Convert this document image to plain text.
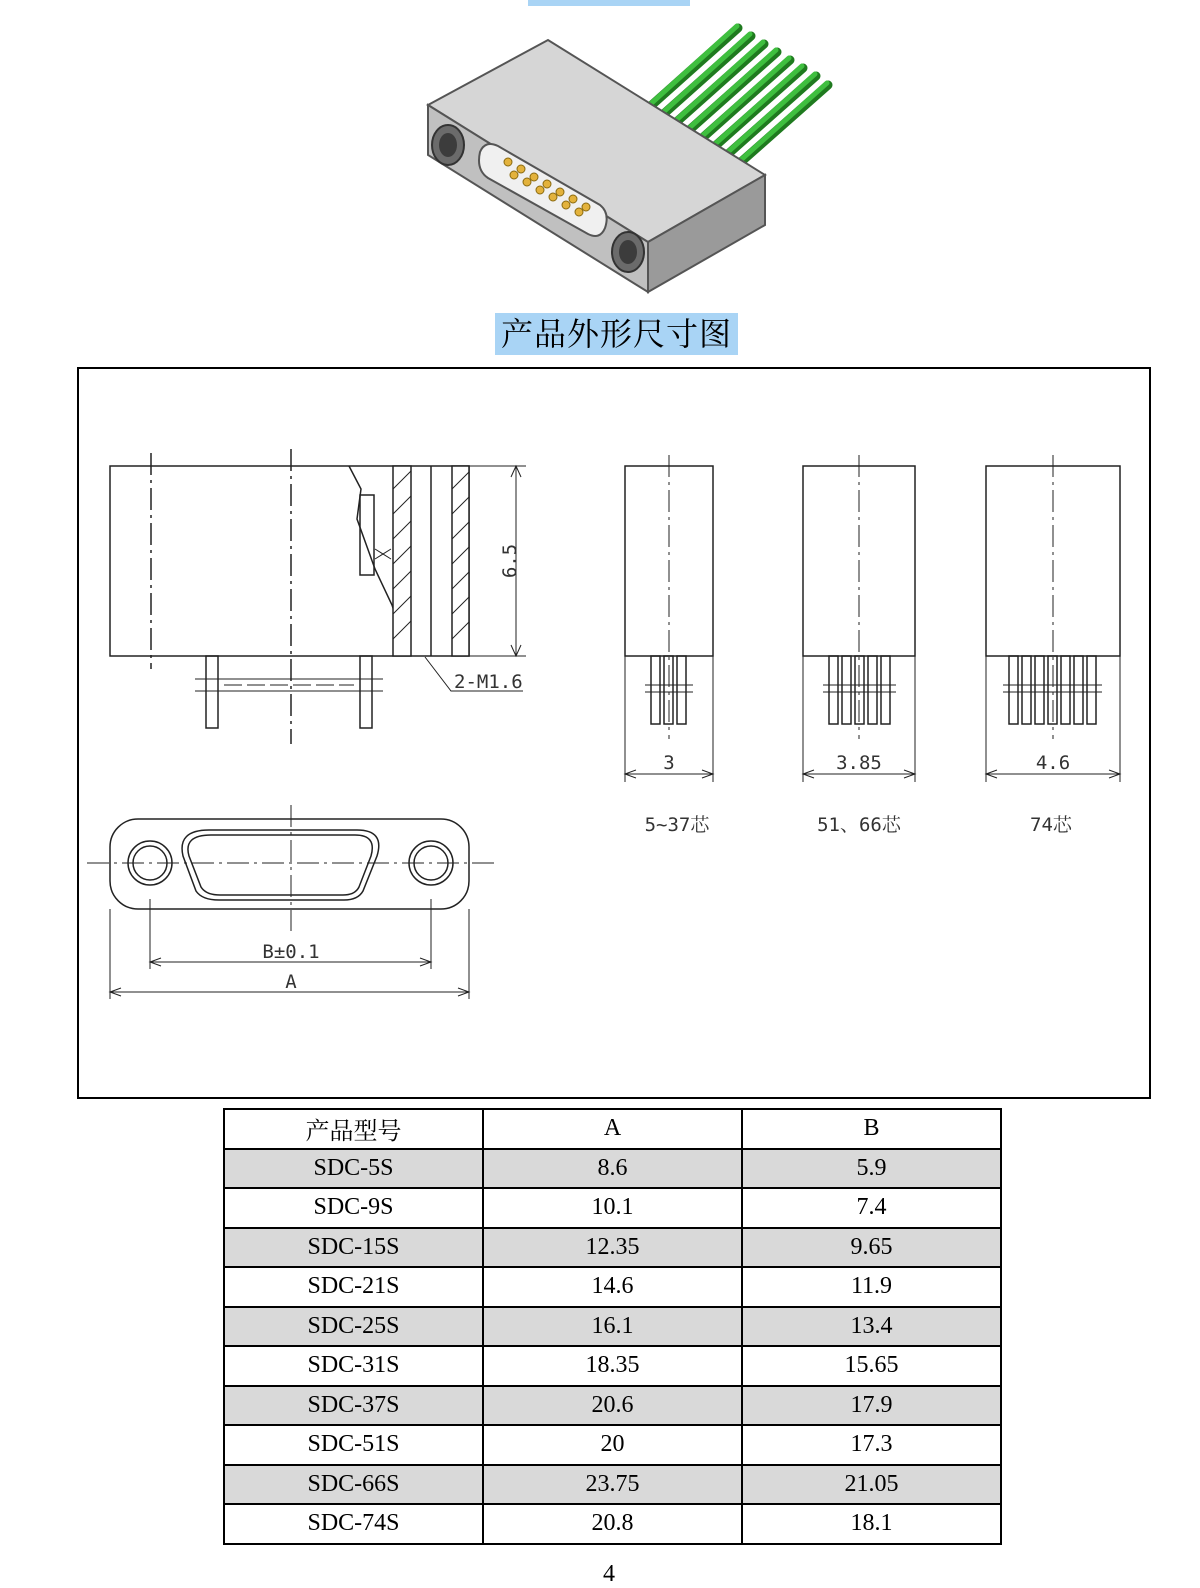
产品外形尺寸图
6.5
2-M1.6
B±0.1
A
3	3.85	4.6
5~37芯	51、66芯	74芯
产品型号	A	B
SDC-5S	8.6	5.9
SDC-9S	10.1	7.4
SDC-15S	12.35	9.65
SDC-21S	14.6	11.9
SDC-25S	16.1	13.4
SDC-31S	18.35	15.65
SDC-37S	20.6	17.9
SDC-51S	20	17.3
SDC-66S	23.75	21.05
SDC-74S	20.8	18.1
4
